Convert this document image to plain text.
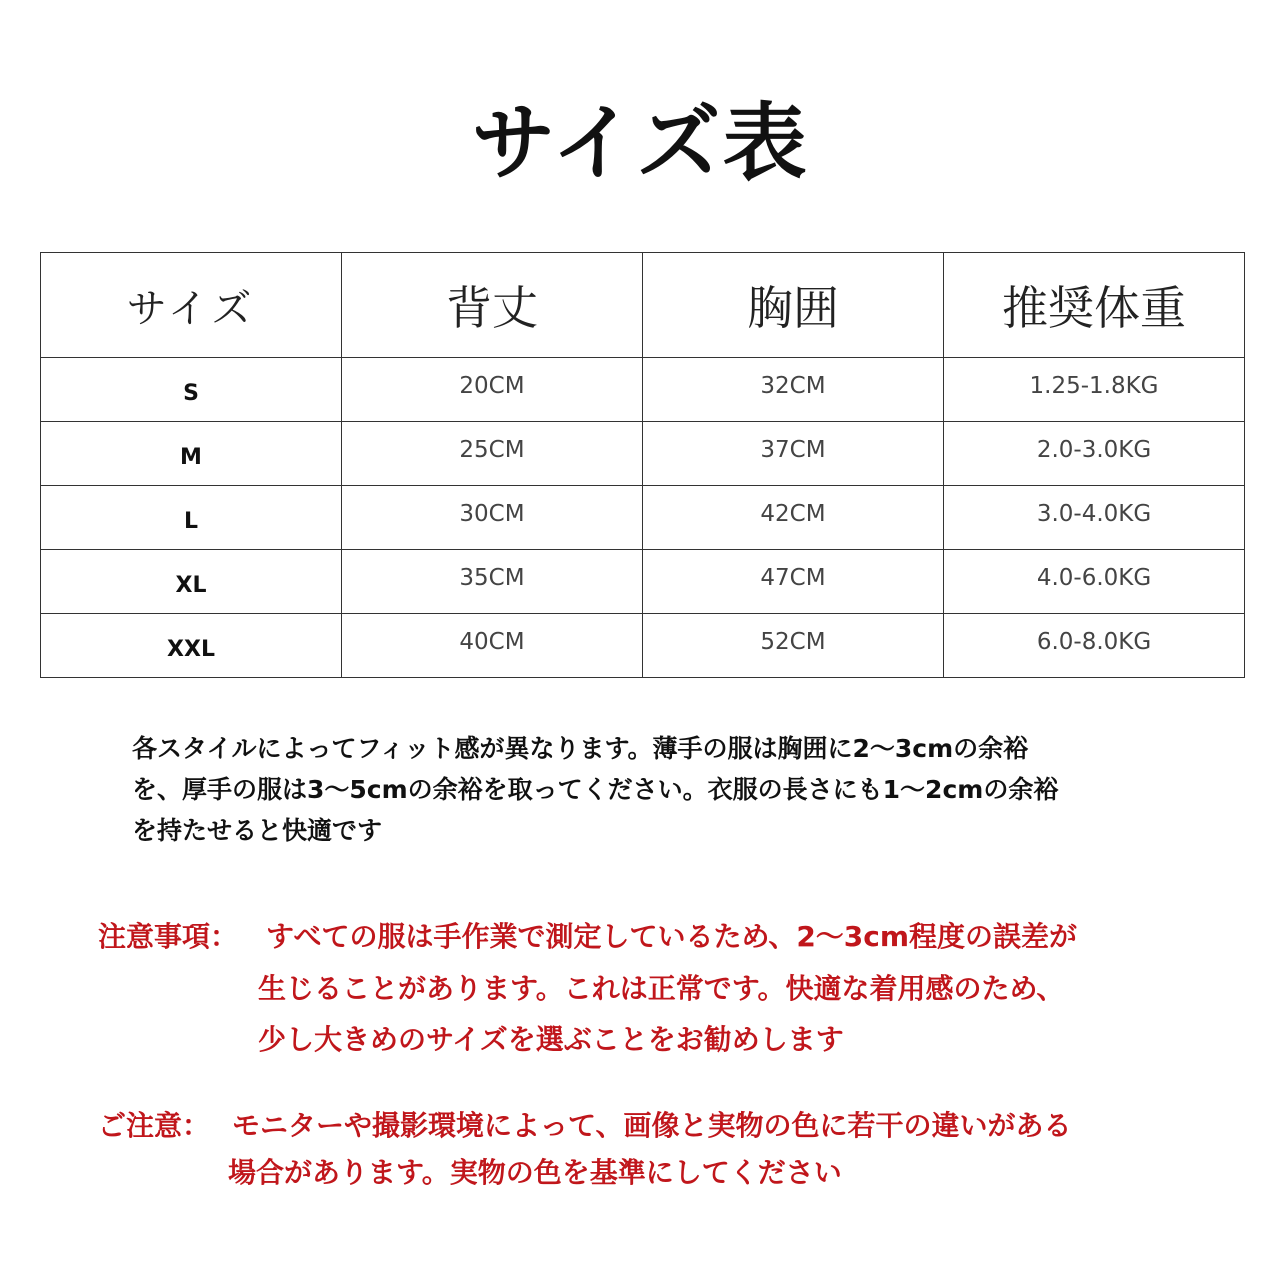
サイズ表
サイズ	背丈	胸囲	推奨体重
S	20CM	32CM	1.25-1.8KG
M	25CM	37CM	2.0-3.0KG
L	30CM	42CM	3.0-4.0KG
XL	35CM	47CM	4.0-6.0KG
XXL	40CM	52CM	6.0-8.0KG
各スタイルによってフィット感が異なります。薄手の服は胸囲に2〜3cmの余裕
を、厚手の服は3〜5cmの余裕を取ってください。衣服の長さにも1〜2cmの余裕
を持たせると快適です
注意事項： すべての服は手作業で測定しているため、2〜3cm程度の誤差が
生じることがあります。これは正常です。快適な着用感のため、
少し大きめのサイズを選ぶことをお勧めします
ご注意： モニターや撮影環境によって、画像と実物の色に若干の違いがある
場合があります。実物の色を基準にしてください
